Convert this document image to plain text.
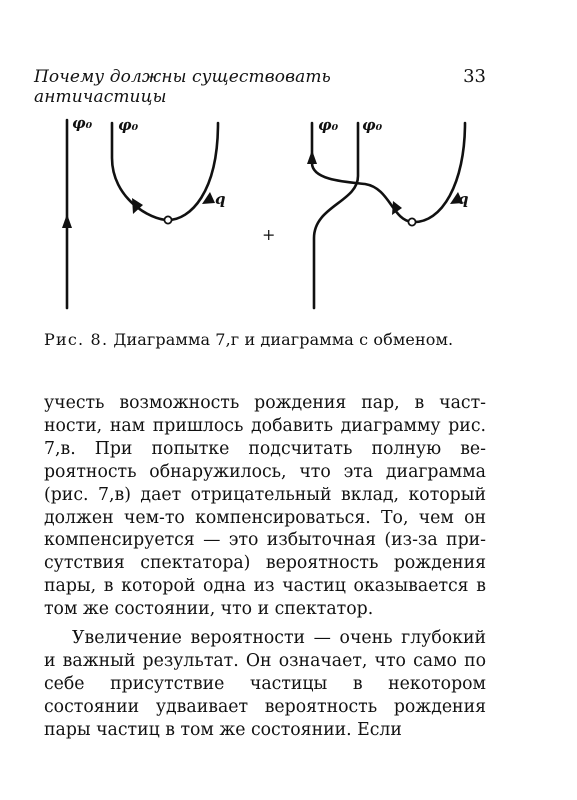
Почему должны существовать античастицы
33
φ₀ φ₀
q
φ₀ φ₀
q
+
Рис. 8. Диаграмма 7,г и диаграмма с обменом.

учесть возможность рождения пар, в частности, нам пришлось добавить диаграмму рис. 7,в. При попытке подсчитать полную вероятность обнаружилось, что эта диаграмма (рис. 7,в) дает отрицательный вклад, который должен чем-то компенсироваться. То, чем он компенсируется — это избыточная (из-за присутствия спектатора) вероятность рождения пары, в которой одна из частиц оказывается в том же состоянии, что и спектатор.

Увеличение вероятности — очень глубокий и важный результат. Он означает, что само по себе присутствие частицы в некотором состоянии удваивает вероятность рождения пары частиц в том же состоянии. Если
